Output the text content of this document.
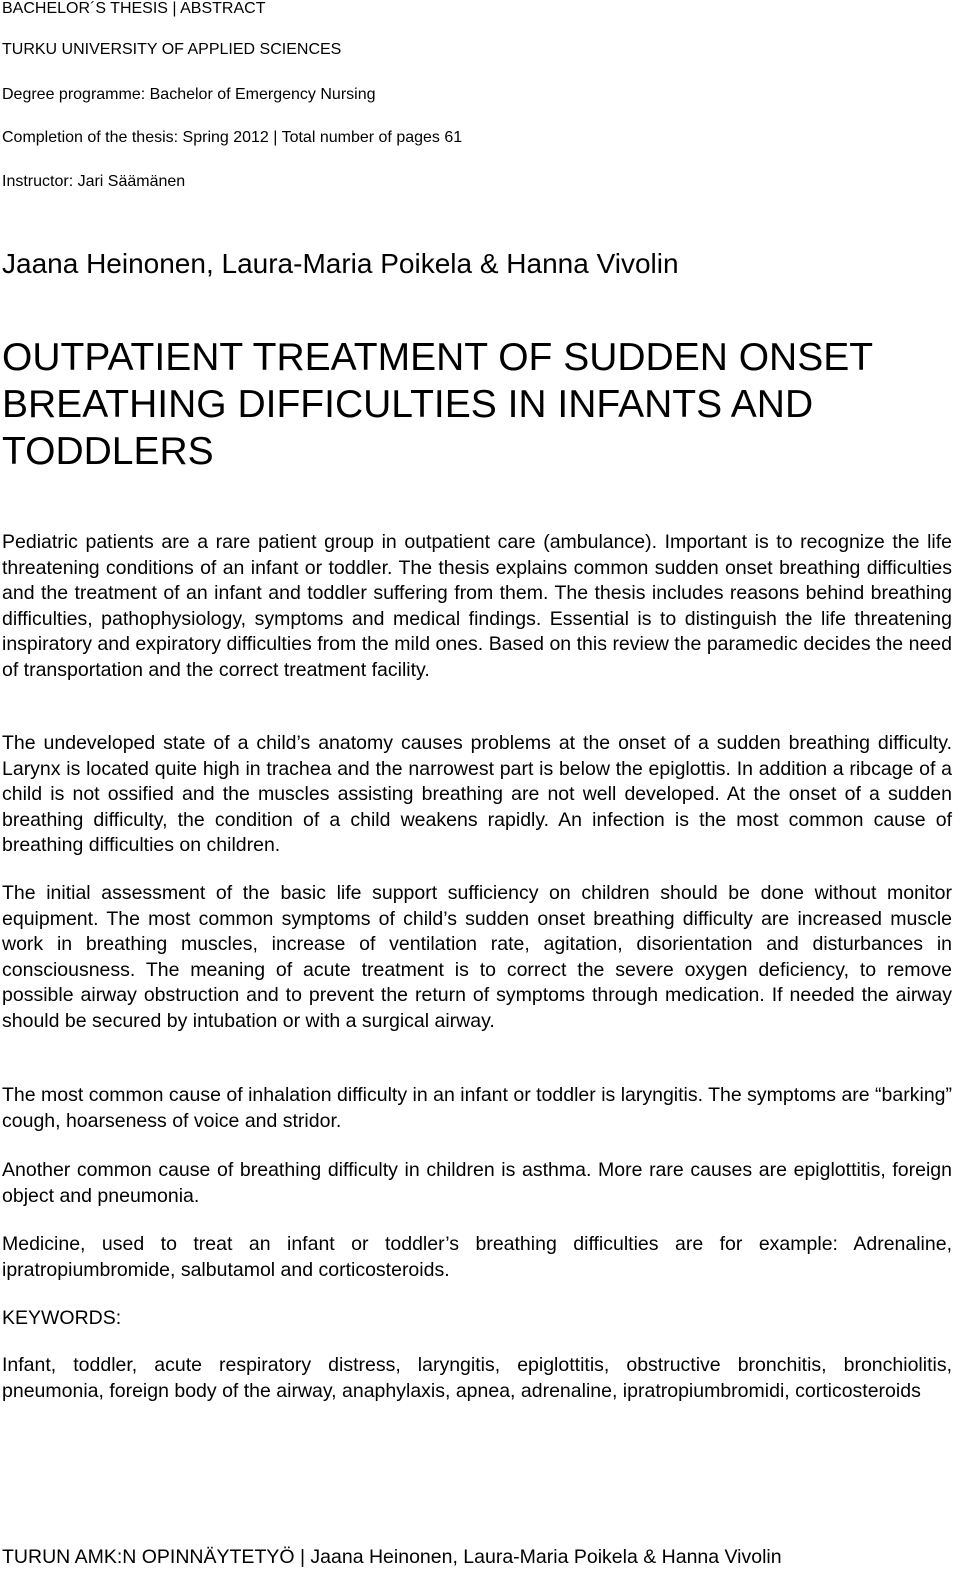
BACHELOR´S THESIS | ABSTRACT
TURKU UNIVERSITY OF APPLIED SCIENCES
Degree programme: Bachelor of Emergency Nursing
Completion of the thesis: Spring 2012 | Total number of pages 61
Instructor: Jari Säämänen
Jaana Heinonen, Laura-Maria Poikela & Hanna Vivolin
OUTPATIENT TREATMENT OF SUDDEN ONSET BREATHING DIFFICULTIES IN INFANTS AND TODDLERS

Pediatric patients are a rare patient group in outpatient care (ambulance). Important is to recognize the life threatening conditions of an infant or toddler. The thesis explains common sudden onset breathing difficulties and the treatment of an infant and toddler suffering from them. The thesis includes reasons behind breathing difficulties, pathophysiology, symptoms and medical findings. Essential is to distinguish the life threatening inspiratory and expiratory difficulties from the mild ones. Based on this review the paramedic decides the need of transportation and the correct treatment facility.

The undeveloped state of a child’s anatomy causes problems at the onset of a sudden breathing difficulty. Larynx is located quite high in trachea and the narrowest part is below the epiglottis. In addition a ribcage of a child is not ossified and the muscles assisting breathing are not well developed. At the onset of a sudden breathing difficulty, the condition of a child weakens rapidly. An infection is the most common cause of breathing difficulties on children.

The initial assessment of the basic life support sufficiency on children should be done without monitor equipment. The most common symptoms of child’s sudden onset breathing difficulty are increased muscle work in breathing muscles, increase of ventilation rate, agitation, disorientation and disturbances in consciousness. The meaning of acute treatment is to correct the severe oxygen deficiency, to remove possible airway obstruction and to prevent the return of symptoms through medication. If needed the airway should be secured by intubation or with a surgical airway.

The most common cause of inhalation difficulty in an infant or toddler is laryngitis. The symptoms are “barking” cough, hoarseness of voice and stridor.

Another common cause of breathing difficulty in children is asthma. More rare causes are epiglottitis, foreign object and pneumonia.

Medicine, used to treat an infant or toddler’s breathing difficulties are for example: Adrenaline, ipratropiumbromide, salbutamol and corticosteroids.

KEYWORDS:

Infant, toddler, acute respiratory distress, laryngitis, epiglottitis, obstructive bronchitis, bronchiolitis, pneumonia, foreign body of the airway, anaphylaxis, apnea, adrenaline, ipratropiumbromidi, corticosteroids

TURUN AMK:N OPINNÄYTETYÖ | Jaana Heinonen, Laura-Maria Poikela & Hanna Vivolin
